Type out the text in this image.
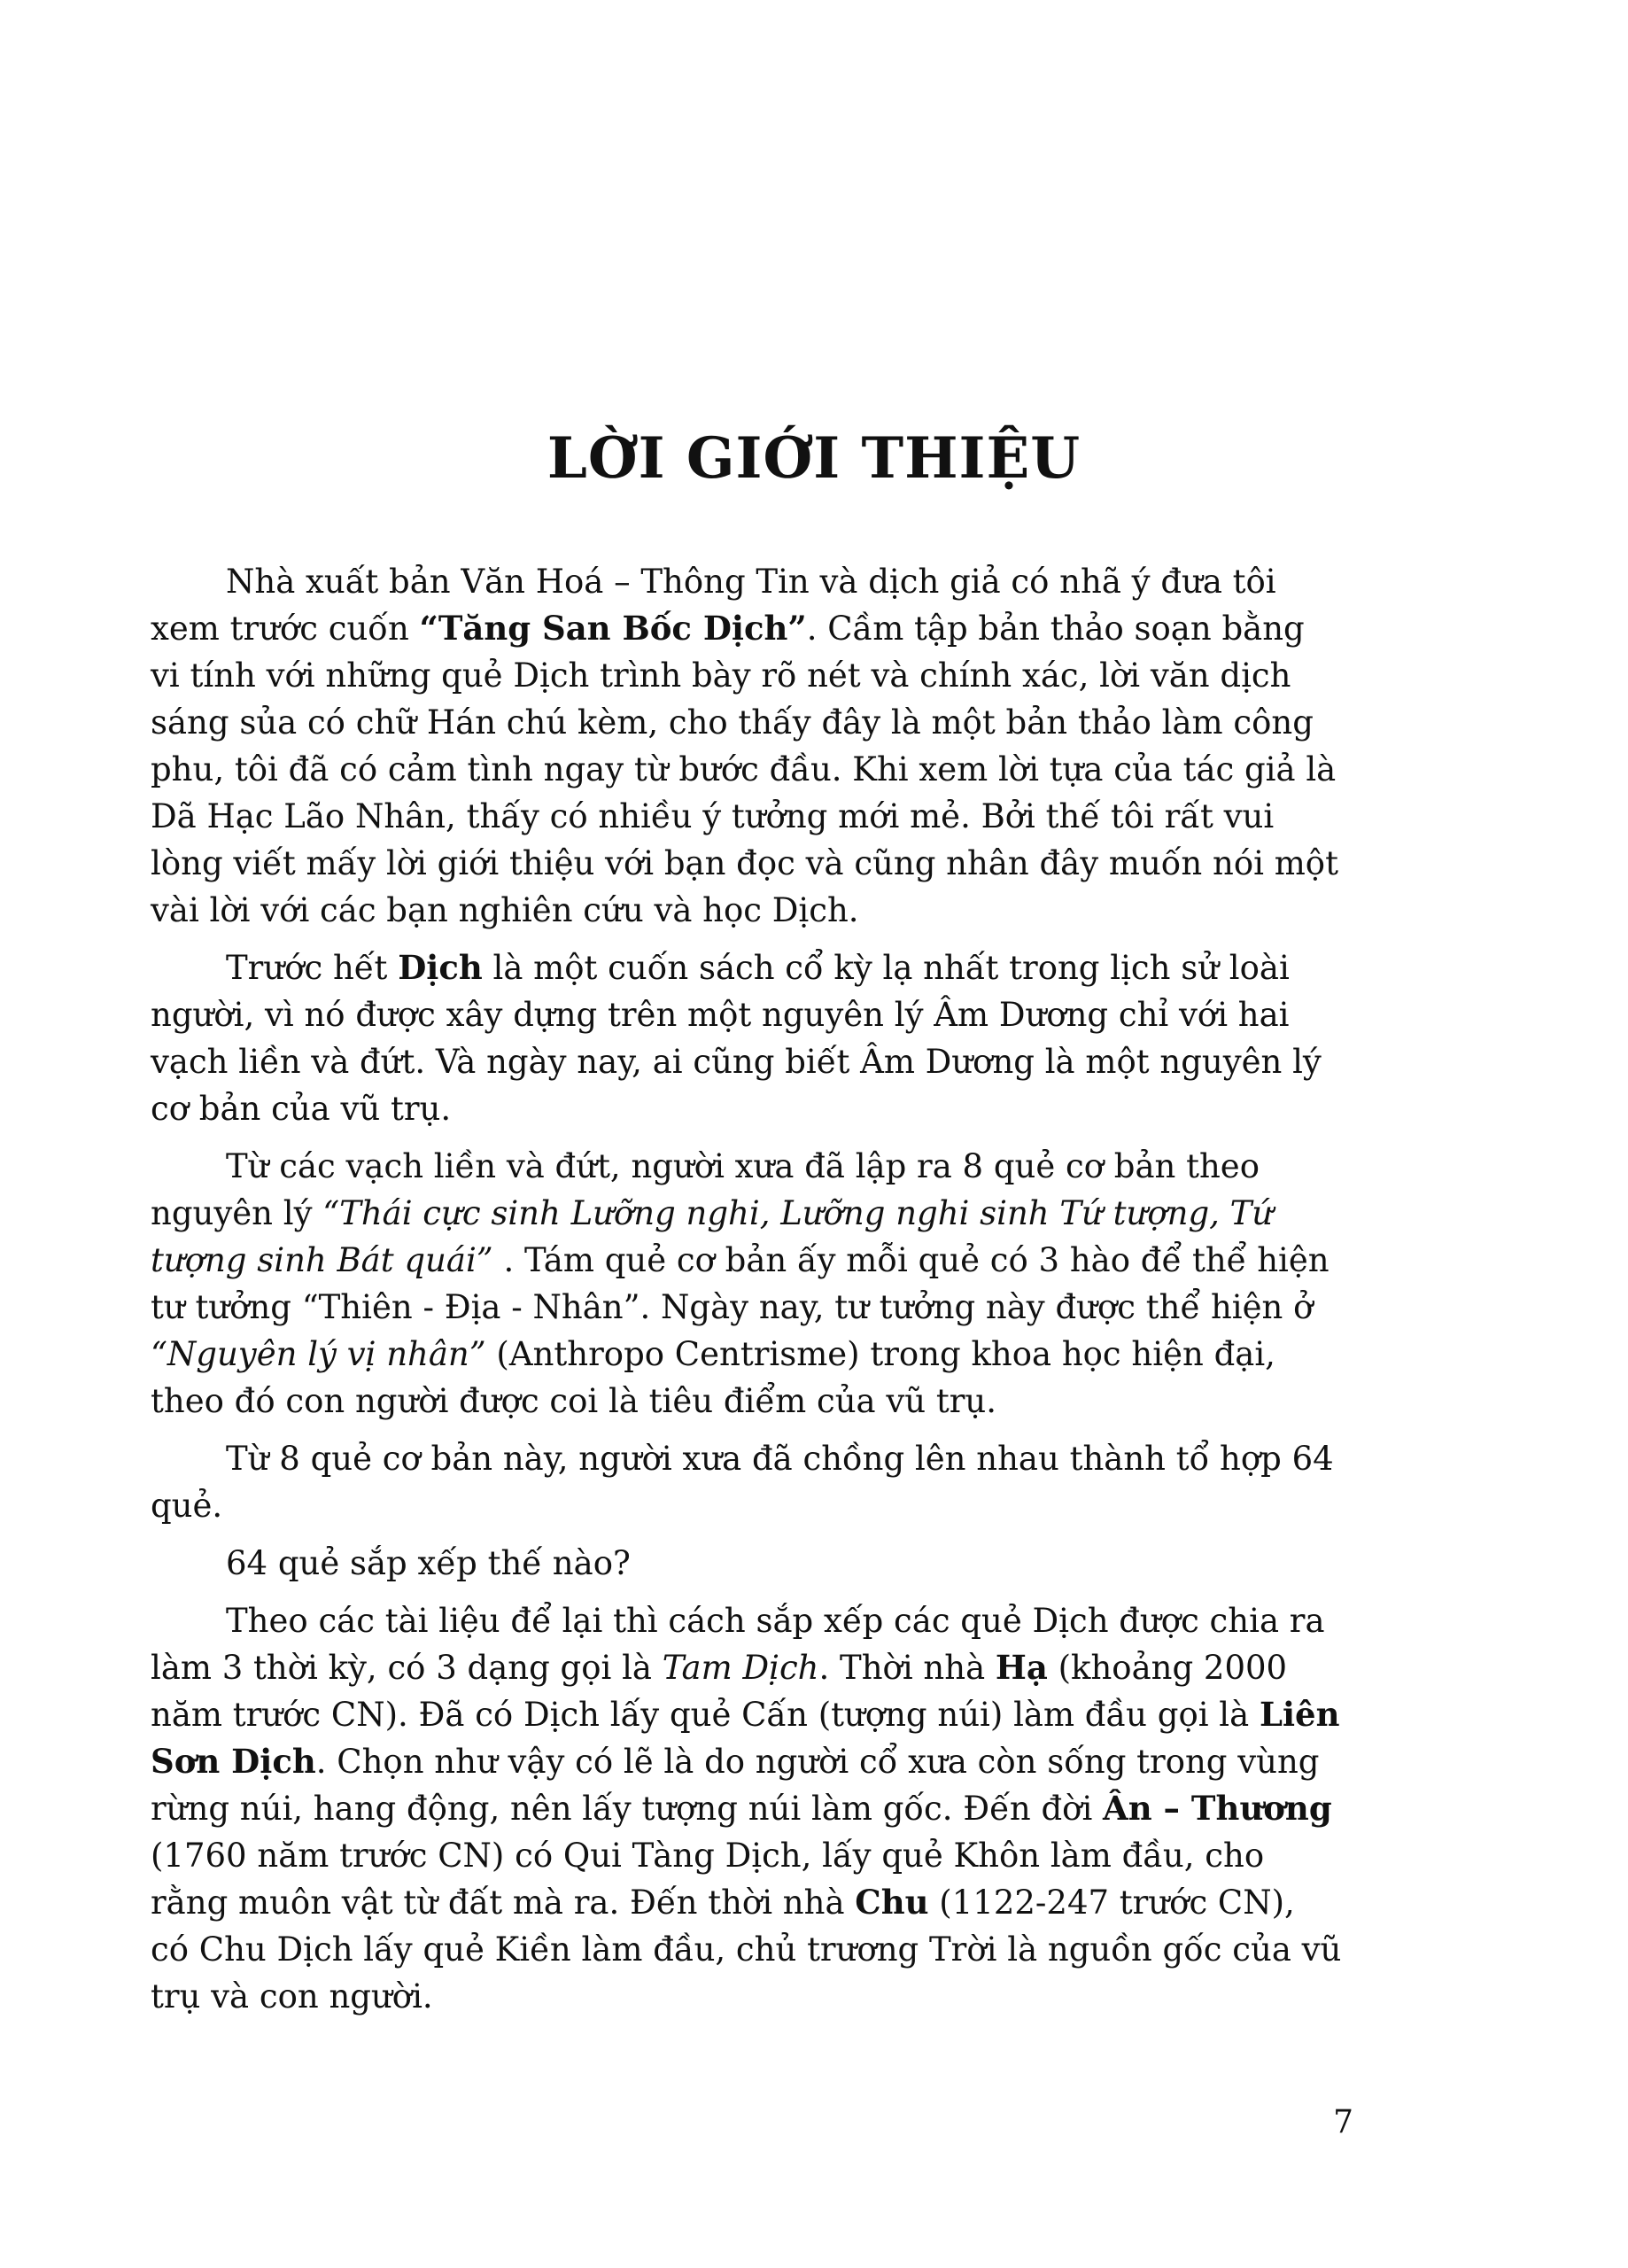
LỜI GIỚI THIỆU

Nhà xuất bản Văn Hoá – Thông Tin và dịch giả có nhã ý đưa tôi xem trước cuốn “Tăng San Bốc Dịch”. Cầm tập bản thảo soạn bằng vi tính với những quẻ Dịch trình bày rõ nét và chính xác, lời văn dịch sáng sủa có chữ Hán chú kèm, cho thấy đây là một bản thảo làm công phu, tôi đã có cảm tình ngay từ bước đầu. Khi xem lời tựa của tác giả là Dã Hạc Lão Nhân, thấy có nhiều ý tưởng mới mẻ. Bởi thế tôi rất vui lòng viết mấy lời giới thiệu với bạn đọc và cũng nhân đây muốn nói một vài lời với các bạn nghiên cứu và học Dịch.

Trước hết Dịch là một cuốn sách cổ kỳ lạ nhất trong lịch sử loài người, vì nó được xây dựng trên một nguyên lý Âm Dương chỉ với hai vạch liền và đứt. Và ngày nay, ai cũng biết Âm Dương là một nguyên lý cơ bản của vũ trụ.

Từ các vạch liền và đứt, người xưa đã lập ra 8 quẻ cơ bản theo nguyên lý “Thái cực sinh Lưỡng nghi, Lưỡng nghi sinh Tứ tượng, Tứ tượng sinh Bát quái” . Tám quẻ cơ bản ấy mỗi quẻ có 3 hào để thể hiện tư tưởng “Thiên - Địa - Nhân”. Ngày nay, tư tưởng này được thể hiện ở “Nguyên lý vị nhân” (Anthropo Centrisme) trong khoa học hiện đại, theo đó con người được coi là tiêu điểm của vũ trụ.

Từ 8 quẻ cơ bản này, người xưa đã chồng lên nhau thành tổ hợp 64 quẻ.

64 quẻ sắp xếp thế nào?

Theo các tài liệu để lại thì cách sắp xếp các quẻ Dịch được chia ra làm 3 thời kỳ, có 3 dạng gọi là Tam Dịch. Thời nhà Hạ (khoảng 2000 năm trước CN). Đã có Dịch lấy quẻ Cấn (tượng núi) làm đầu gọi là Liên Sơn Dịch. Chọn như vậy có lẽ là do người cổ xưa còn sống trong vùng rừng núi, hang động, nên lấy tượng núi làm gốc. Đến đời Ân – Thương (1760 năm trước CN) có Qui Tàng Dịch, lấy quẻ Khôn làm đầu, cho rằng muôn vật từ đất mà ra. Đến thời nhà Chu (1122-247 trước CN), có Chu Dịch lấy quẻ Kiền làm đầu, chủ trương Trời là nguồn gốc của vũ trụ và con người.

7
